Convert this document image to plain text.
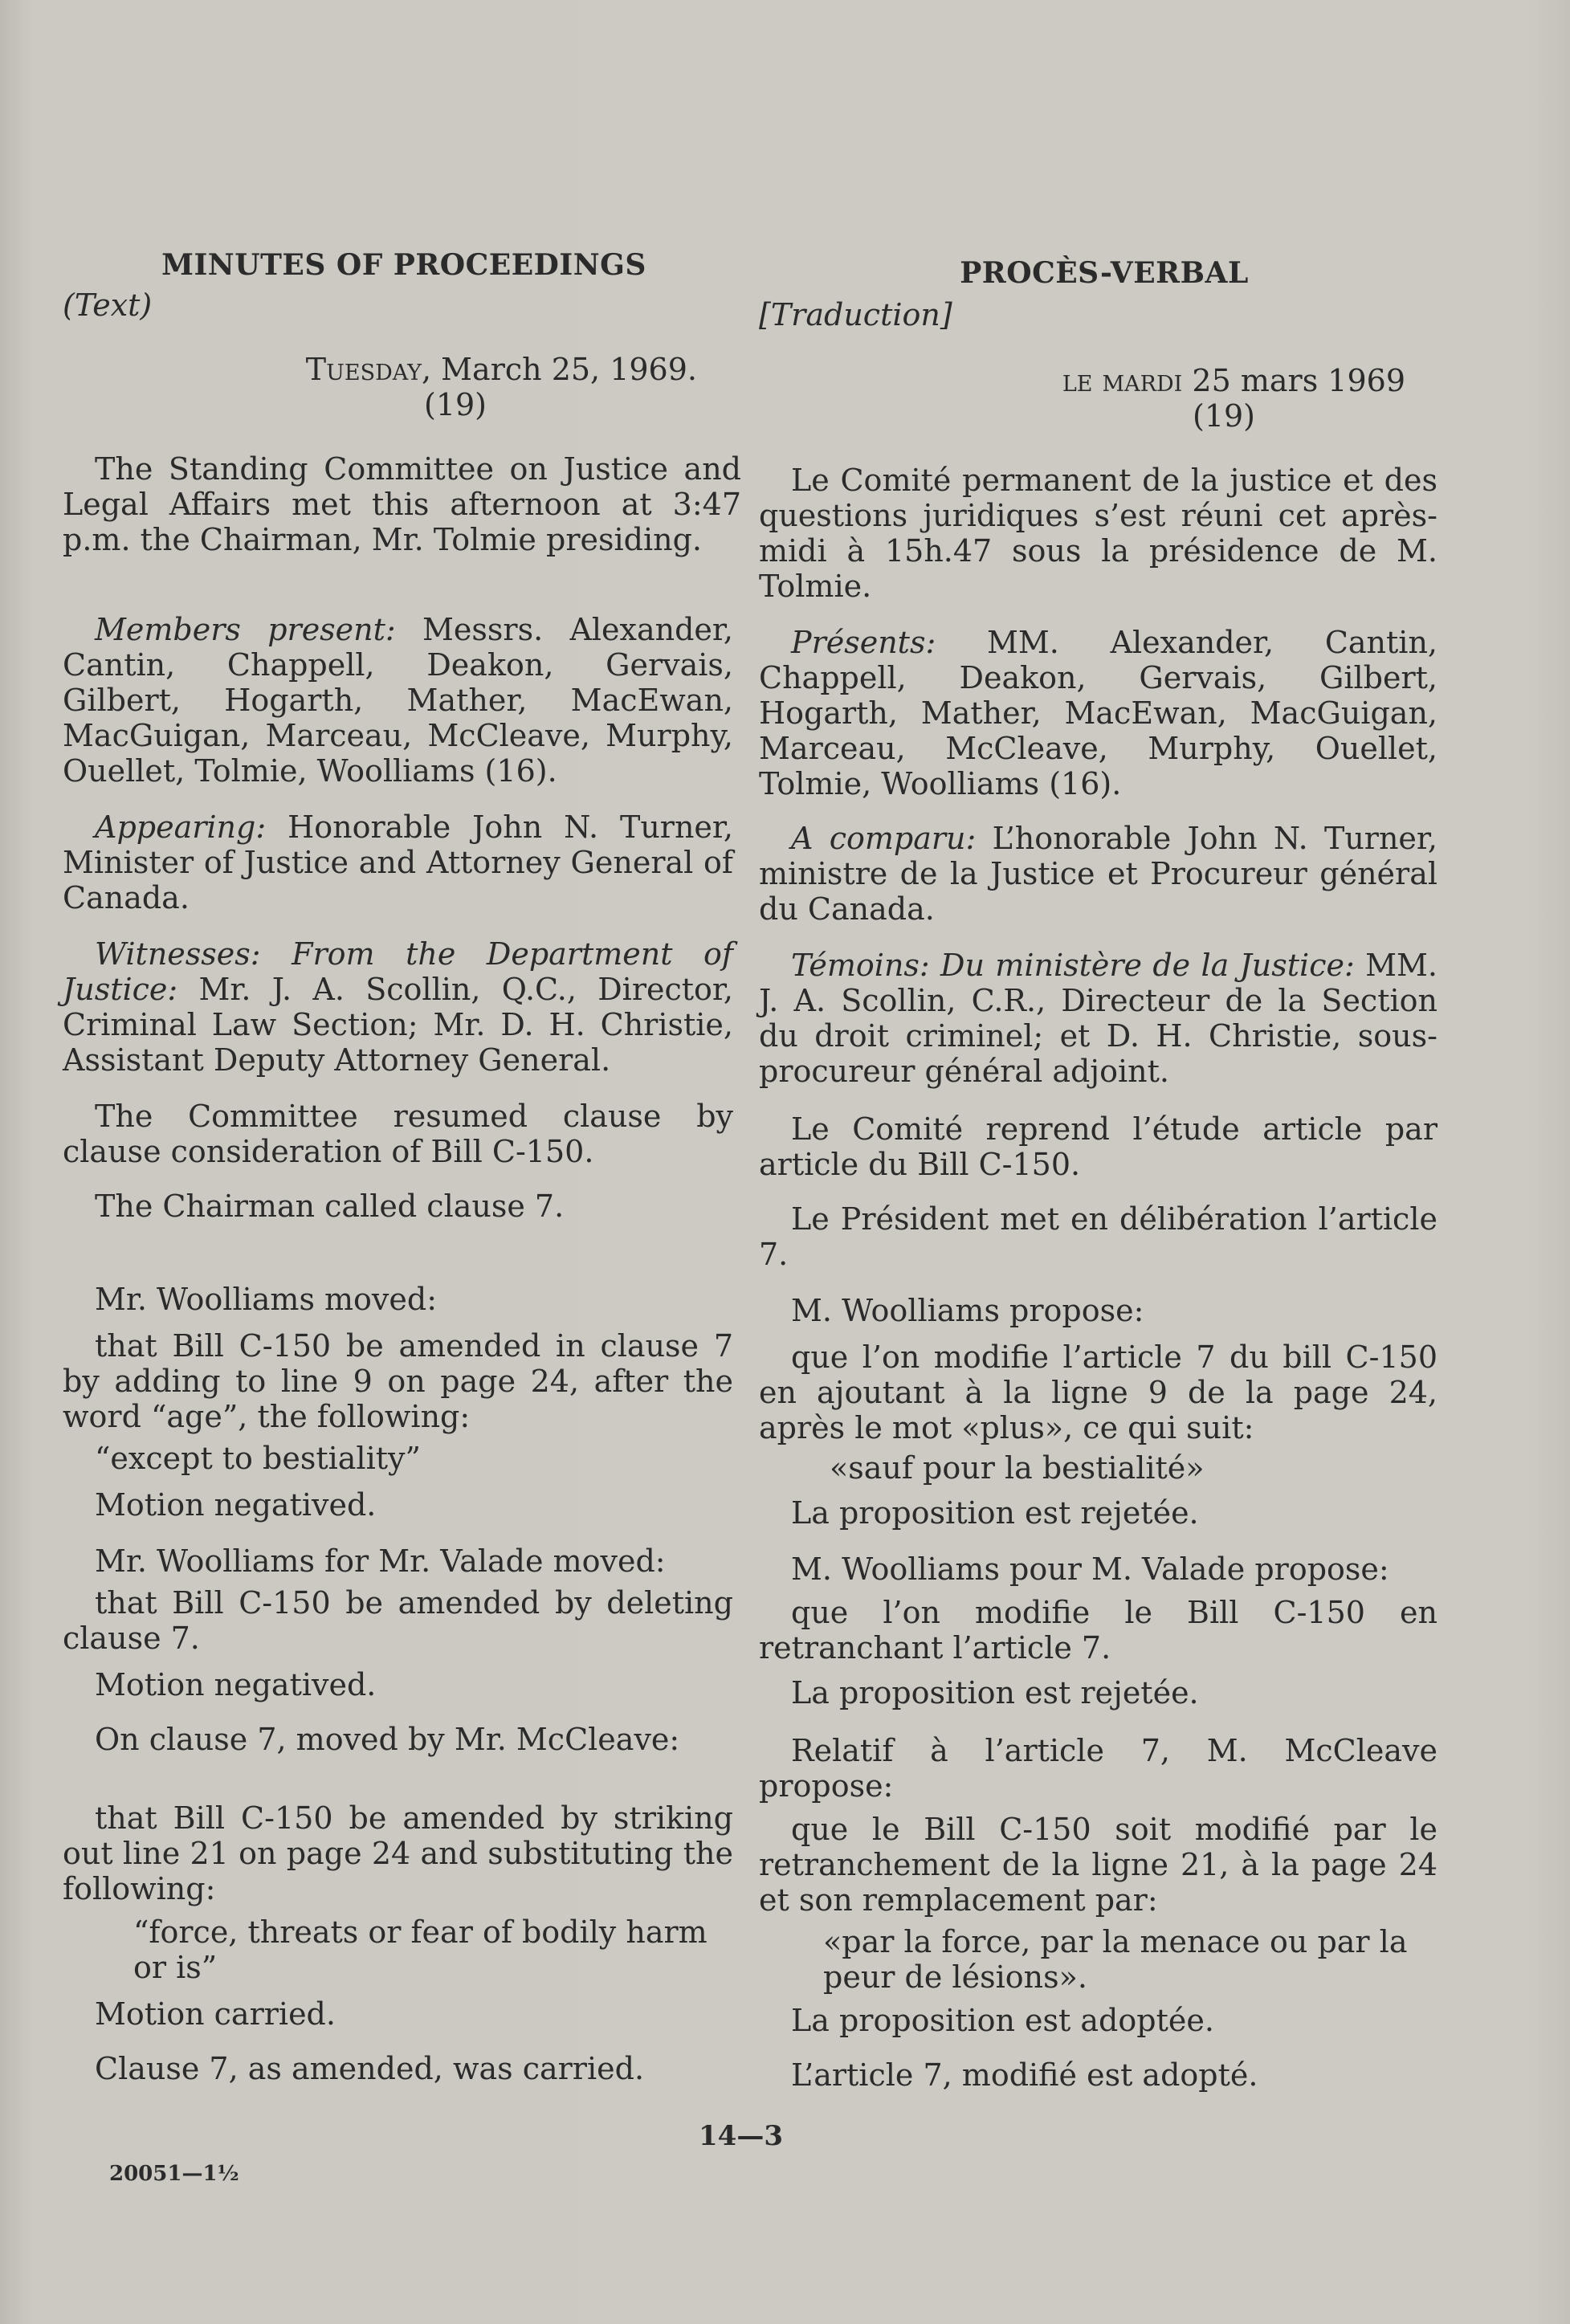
MINUTES OF PROCEEDINGS
(Text)
Tuesday, March 25, 1969.
(19)
The Standing Committee on Justice and Legal Affairs met this afternoon at 3:47 p.m. the Chairman, Mr. Tolmie presiding.
Members present: Messrs. Alexander, Cantin, Chappell, Deakon, Gervais, Gilbert, Hogarth, Mather, MacEwan, MacGuigan, Marceau, McCleave, Murphy, Ouellet, Tolmie, Woolliams (16).
Appearing: Honorable John N. Turner, Minister of Justice and Attorney General of Canada.
Witnesses: From the Department of Justice: Mr. J. A. Scollin, Q.C., Director, Criminal Law Section; Mr. D. H. Christie, Assistant Deputy Attorney General.
The Committee resumed clause by clause consideration of Bill C-150.
The Chairman called clause 7.
Mr. Woolliams moved:
that Bill C-150 be amended in clause 7 by adding to line 9 on page 24, after the word “age”, the following:
“except to bestiality”
Motion negatived.
Mr. Woolliams for Mr. Valade moved:
that Bill C-150 be amended by deleting clause 7.
Motion negatived.
On clause 7, moved by Mr. McCleave:
that Bill C-150 be amended by striking out line 21 on page 24 and substituting the following:
“force, threats or fear of bodily harm or is”
Motion carried.
Clause 7, as amended, was carried.
PROCÈS-VERBAL
[Traduction]
le mardi 25 mars 1969
(19)
Le Comité permanent de la justice et des questions juridiques s’est réuni cet après-midi à 15h.47 sous la présidence de M. Tolmie.
Présents: MM. Alexander, Cantin, Chappell, Deakon, Gervais, Gilbert, Hogarth, Mather, MacEwan, MacGuigan, Marceau, McCleave, Murphy, Ouellet, Tolmie, Woolliams (16).
A comparu: L’honorable John N. Turner, ministre de la Justice et Procureur général du Canada.
Témoins: Du ministère de la Justice: MM. J. A. Scollin, C.R., Directeur de la Section du droit criminel; et D. H. Christie, sous-procureur général adjoint.
Le Comité reprend l’étude article par article du Bill C-150.
Le Président met en délibération l’article 7.
M. Woolliams propose:
que l’on modifie l’article 7 du bill C-150 en ajoutant à la ligne 9 de la page 24, après le mot «plus», ce qui suit:
«sauf pour la bestialité»
La proposition est rejetée.
M. Woolliams pour M. Valade propose:
que l’on modifie le Bill C-150 en retranchant l’article 7.
La proposition est rejetée.
Relatif à l’article 7, M. McCleave propose:
que le Bill C-150 soit modifié par le retranchement de la ligne 21, à la page 24 et son remplacement par:
«par la force, par la menace ou par la peur de lésions».
La proposition est adoptée.
L’article 7, modifié est adopté.
14—3
20051—1½
